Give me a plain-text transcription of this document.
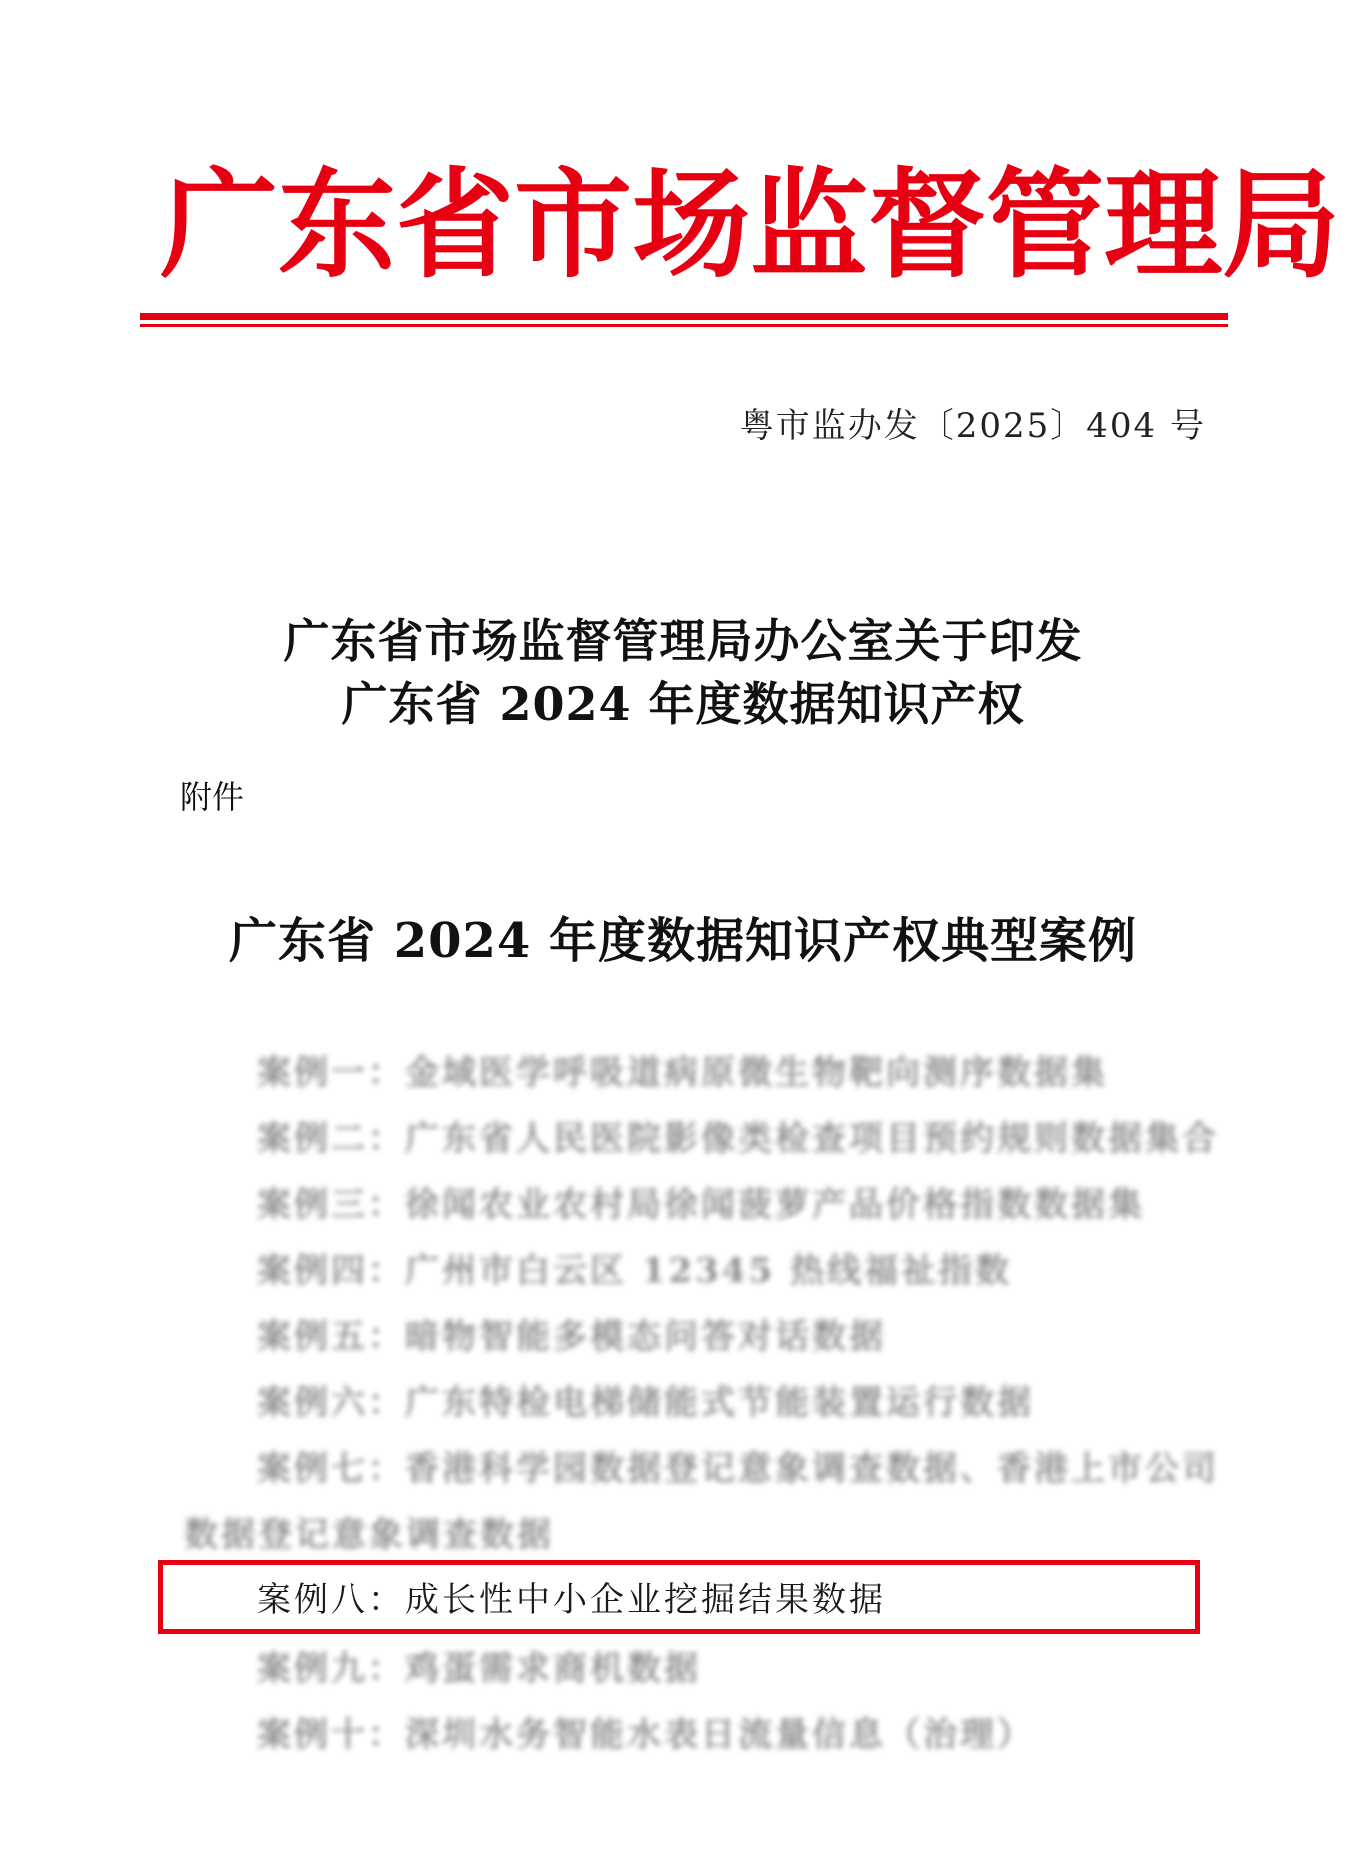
广 东 省 市 场 监 督 管 理 局
粤市监办发〔2025〕404 号
广东省市场监督管理局办公室关于印发
广东省 2024 年度数据知识产权
附件
广东省 2024 年度数据知识产权典型案例
案例一：金域医学呼吸道病原微生物靶向测序数据集
案例二：广东省人民医院影像类检查项目预约规则数据集合
案例三：徐闻农业农村局徐闻菠萝产品价格指数数据集
案例四：广州市白云区 12345 热线福祉指数
案例五：暗物智能多模态问答对话数据
案例六：广东特检电梯储能式节能装置运行数据
案例七：香港科学园数据登记意象调查数据、香港上市公司
数据登记意象调查数据
案例八：成长性中小企业挖掘结果数据
案例九：鸡蛋需求商机数据
案例十：深圳水务智能水表日流量信息（治理）
